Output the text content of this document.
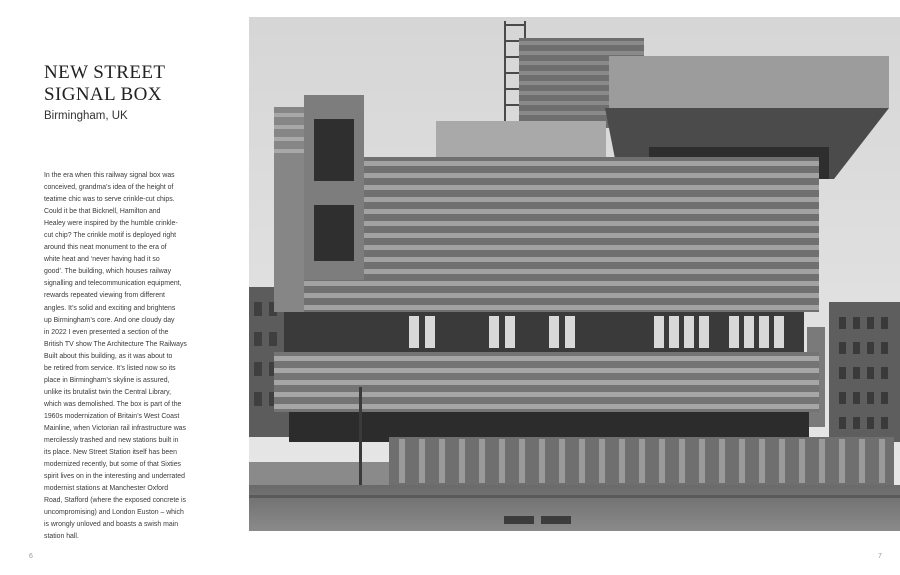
NEW STREET
SIGNAL BOX
Birmingham, UK

In the era when this railway signal box was

conceived, grandma’s idea of the height of

teatime chic was to serve crinkle-cut chips.

Could it be that Bicknell, Hamilton and

Healey were inspired by the humble crinkle-

cut chip? The crinkle motif is deployed right

around this neat monument to the era of

white heat and ‘never having had it so

good’. The building, which houses railway

signalling and telecommunication equipment,

rewards repeated viewing from different

angles. It’s solid and exciting and brightens

up Birmingham’s core. And one cloudy day

in 2022 I even presented a section of the

British TV show The Architecture The Railways

Built about this building, as it was about to

be retired from service. It’s listed now so its

place in Birmingham’s skyline is assured,

unlike its brutalist twin the Central Library,

which was demolished. The box is part of the

1960s modernization of Britain’s West Coast

Mainline, when Victorian rail infrastructure was

mercilessly trashed and new stations built in

its place. New Street Station itself has been

modernized recently, but some of that Sixties

spirit lives on in the interesting and underrated

modernist stations at Manchester Oxford

Road, Stafford (where the exposed concrete is

uncompromising) and London Euston – which

is wrongly unloved and boasts a swish main

station hall.

6	7
